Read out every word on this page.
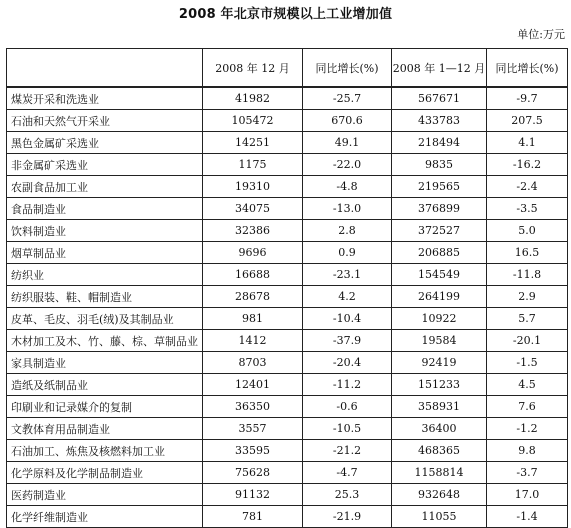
2008 年北京市规模以上工业增加值
单位:万元
	2008 年 12 月	同比增长(%)	2008 年 1—12 月	同比增长(%)
煤炭开采和洗选业	41982	-25.7	567671	-9.7
石油和天然气开采业	105472	670.6	433783	207.5
黑色金属矿采选业	14251	49.1	218494	4.1
非金属矿采选业	1175	-22.0	9835	-16.2
农副食品加工业	19310	-4.8	219565	-2.4
食品制造业	34075	-13.0	376899	-3.5
饮料制造业	32386	2.8	372527	5.0
烟草制品业	9696	0.9	206885	16.5
纺织业	16688	-23.1	154549	-11.8
纺织服装、鞋、帽制造业	28678	4.2	264199	2.9
皮革、毛皮、羽毛(绒)及其制品业	981	-10.4	10922	5.7
木材加工及木、竹、藤、棕、草制品业	1412	-37.9	19584	-20.1
家具制造业	8703	-20.4	92419	-1.5
造纸及纸制品业	12401	-11.2	151233	4.5
印刷业和记录媒介的复制	36350	-0.6	358931	7.6
文教体育用品制造业	3557	-10.5	36400	-1.2
石油加工、炼焦及核燃料加工业	33595	-21.2	468365	9.8
化学原料及化学制品制造业	75628	-4.7	1158814	-3.7
医药制造业	91132	25.3	932648	17.0
化学纤维制造业	781	-21.9	11055	-1.4
